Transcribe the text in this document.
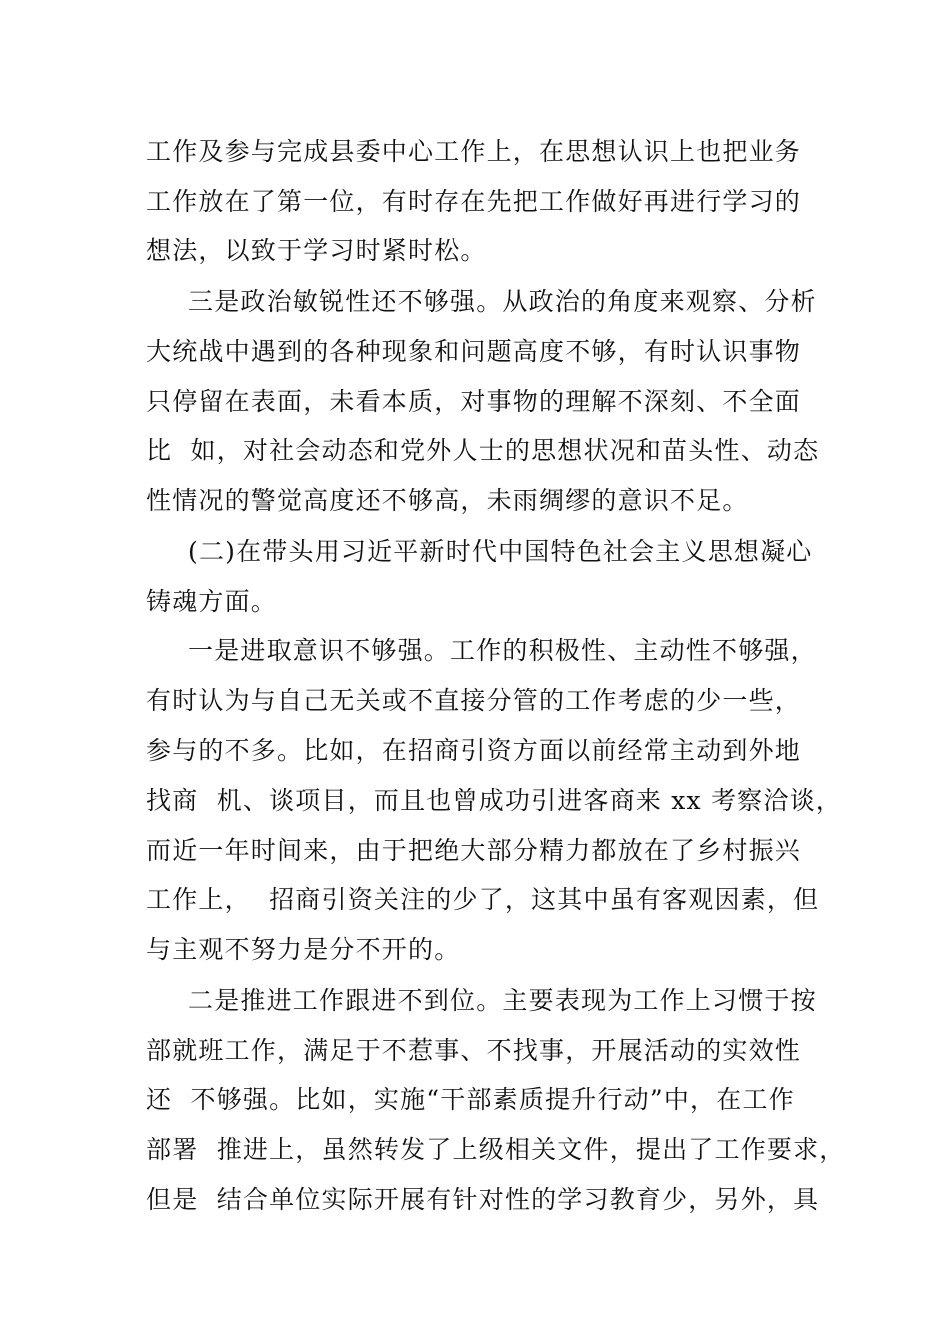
工作及参与完成县委中心工作上，在思想认识上也把业务
工作放在了第一位，有时存在先把工作做好再进行学习的
想法，以致于学习时紧时松。
三是政治敏锐性还不够强。从政治的角度来观察、分析
大统战中遇到的各种现象和问题高度不够，有时认识事物
只停留在表面，未看本质，对事物的理解不深刻、不全面
比  如，对社会动态和党外人士的思想状况和苗头性、动态
性情况的警觉高度还不够高，未雨绸缪的意识不足。
(二)在带头用习近平新时代中国特色社会主义思想凝心
铸魂方面。
一是进取意识不够强。工作的积极性、主动性不够强，
有时认为与自己无关或不直接分管的工作考虑的少一些，
参与的不多。比如，在招商引资方面以前经常主动到外地
找商  机、谈项目，而且也曾成功引进客商来 xx 考察洽谈，
而近一年时间来，由于把绝大部分精力都放在了乡村振兴
工作上，  招商引资关注的少了，这其中虽有客观因素，但
与主观不努力是分不开的。
二是推进工作跟进不到位。主要表现为工作上习惯于按
部就班工作，满足于不惹事、不找事，开展活动的实效性
还  不够强。比如，实施“干部素质提升行动”中，在工作
部署  推进上，虽然转发了上级相关文件，提出了工作要求，
但是  结合单位实际开展有针对性的学习教育少，另外，具
